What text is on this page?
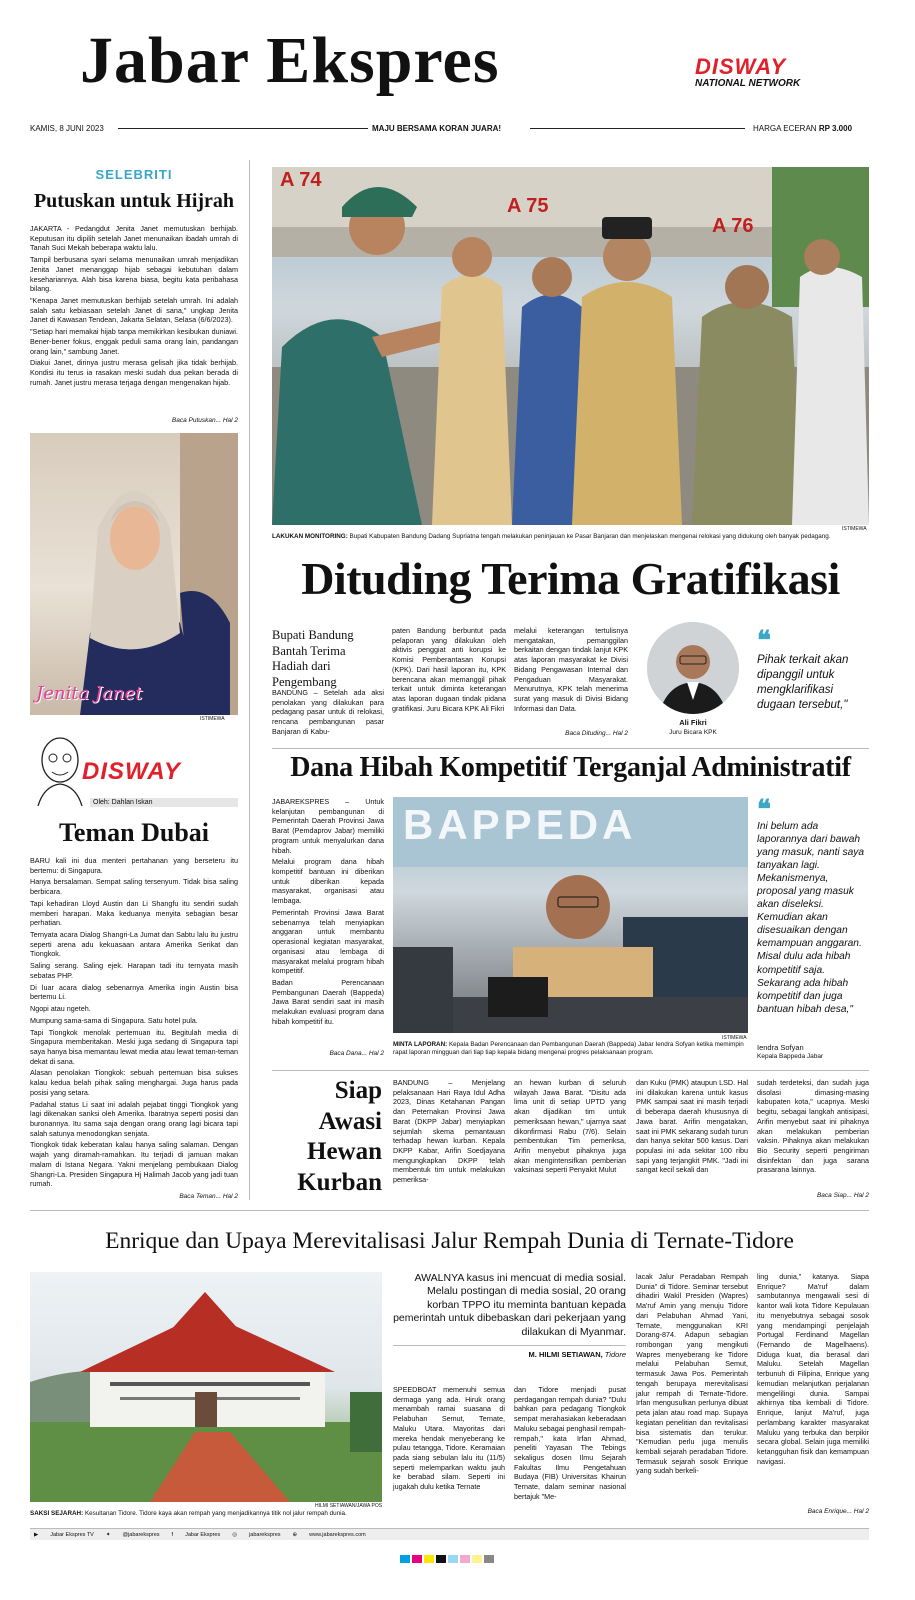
Jabar Ekspres	DISWAY
NATIONAL NETWORK
KAMIS, 8 JUNI 2023	MAJU BERSAMA KORAN JUARA!	HARGA ECERAN RP 3.000
SELEBRITI
Putuskan untuk Hijrah

JAKARTA - Pedangdut Jenita Janet memutuskan berhijab. Keputusan itu dipilih setelah Janet menunaikan ibadah umrah di Tanah Suci Mekah beberapa waktu lalu.

Tampil berbusana syari selama menunaikan umrah menjadikan Jenita Janet menanggap hijab sebagai kebutuhan dalam kesehariannya. Alah bisa karena biasa, begitu kata peribahasa bilang.

"Kenapa Janet memutuskan berhijab setelah umrah. Ini adalah salah satu kebiasaan setelah Janet di sana," ungkap Jenita Janet di Kawasan Tendean, Jakarta Selatan, Selasa (6/6/2023).

"Setiap hari memakai hijab tanpa memikirkan kesibukan duniawi. Bener-bener fokus, enggak peduli sama orang lain, pandangan orang lain," sambung Janet.

Diakui Janet, dirinya justru merasa gelisah jika tidak berhijab. Kondisi itu terus ia rasakan meski sudah dua pekan berada di rumah. Janet justru merasa terjaga dengan mengenakan hijab.

Baca Putuskan... Hal 2
Jenita Janet
ISTIMEWA
DISWAY
Oleh: Dahlan Iskan
Teman Dubai

BARU kali ini dua menteri pertahanan yang berseteru itu bertemu: di Singapura.

Hanya bersalaman. Sempat saling tersenyum. Tidak bisa saling berbicara.

Tapi kehadiran Lloyd Austin dan Li Shangfu itu sendiri sudah memberi harapan. Maka keduanya menyita sebagian besar perhatian.

Ternyata acara Dialog Shangri-La Jumat dan Sabtu lalu itu justru seperti arena adu kekuasaan antara Amerika Serikat dan Tiongkok.

Saling serang. Saling ejek. Harapan tadi itu ternyata masih sebatas PHP.

Di luar acara dialog sebenarnya Amerika ingin Austin bisa bertemu Li.

Ngopi atau ngeteh.

Mumpung sama-sama di Singapura. Satu hotel pula.

Tapi Tiongkok menolak pertemuan itu. Begitulah media di Singapura memberitakan. Meski juga sedang di Singapura tapi saya hanya bisa memantau lewat media atau lewat teman-teman dekat di sana.

Alasan penolakan Tiongkok: sebuah pertemuan bisa sukses kalau kedua belah pihak saling menghargai. Juga harus pada posisi yang setara.

Padahal status Li saat ini adalah pejabat tinggi Tiongkok yang lagi dikenakan sanksi oleh Amerika. Ibaratnya seperti posisi dan buronannya. Itu sama saja dengan orang orang lagi bicara tapi salah satunya menodongkan senjata.

Tiongkok tidak keberatan kalau hanya saling salaman. Dengan wajah yang diramah-ramahkan. Itu terjadi di jamuan makan malam di Istana Negara. Yakni menjelang pembukaan Dialog Shangri-La. Presiden Singapura Hj Halimah Jacob yang jadi tuan rumah.

Baca Teman... Hal 2
A 74
A 75
A 76
ISTIMEWA
LAKUKAN MONITORING: Bupati Kabupaten Bandung Dadang Supriatna tengah melakukan peninjauan ke Pasar Banjaran dan menjelaskan mengenai relokasi yang didukung oleh banyak pedagang.
Dituding Terima Gratifikasi
Bupati Bandung Bantah Terima Hadiah dari Pengembang
BANDUNG – Setelah ada aksi penolakan yang dilakukan para pedagang pasar untuk di relokasi, rencana pembangunan pasar Banjaran di Kabu-
paten Bandung berbuntut pada pelaporan yang dilakukan oleh aktivis penggiat anti korupsi ke Komisi Pemberantasan Korupsi (KPK). Dari hasil laporan itu, KPK berencana akan memanggil pihak terkait untuk diminta keterangan atas laporan dugaan tindak pidana gratifikasi. Juru Bicara KPK Ali Fikri
melalui keterangan tertulisnya mengatakan, pemanggilan berkaitan dengan tindak lanjut KPK atas laporan masyarakat ke Divisi Bidang Pengawasan Internal dan Pengaduan Masyarakat. Menurutnya, KPK telah menerima surat yang masuk di Divisi Bidang Informasi dan Data.
Baca Dituding... Hal 2
Ali Fikri
Juru Bicara KPK
❝
Pihak terkait akan dipanggil untuk mengklarifikasi dugaan tersebut,"
Dana Hibah Kompetitif Terganjal Administratif

JABAREKSPRES – Untuk kelanjutan pembangunan di Pemerintah Daerah Provinsi Jawa Barat (Pemdaprov Jabar) memiliki program untuk menyalurkan dana hibah.

Melalui program dana hibah kompetitif bantuan ini diberikan untuk diberikan kepada masyarakat, organisasi atau lembaga.

Pemerintah Provinsi Jawa Barat sebenarnya telah menyiapkan anggaran untuk membantu operasional kegiatan masyarakat, organisasi atau lembaga di masyarakat melalui program hibah kompetitif.

Badan Perencanaan Pembangunan Daerah (Bappeda) Jawa Barat sendiri saat ini masih melakukan evaluasi program dana hibah kompetitif itu.

Baca Dana... Hal 2
BAPPEDA
ISTIMEWA
MINTA LAPORAN: Kepala Badan Perencanaan dan Pembangunan Daerah (Bappeda) Jabar Iendra Sofyan ketika memimpin rapat laporan mingguan dari tiap tiap kepala bidang mengenai progres pelaksanaan program.
❝
Ini belum ada laporannya dari bawah yang masuk, nanti saya tanyakan lagi. Mekanismenya, proposal yang masuk akan diseleksi. Kemudian akan disesuaikan dengan kemampuan anggaran. Misal dulu ada hibah kompetitif saja. Sekarang ada hibah kompetitif dan juga bantuan hibah desa,"
Iendra Sofyan
Kepala Bappeda Jabar
Siap
Awasi
Hewan
Kurban
BANDUNG – Menjelang pelaksanaan Hari Raya Idul Adha 2023, Dinas Ketahanan Pangan dan Peternakan Provinsi Jawa Barat (DKPP Jabar) menyiapkan sejumlah skema pemantauan terhadap hewan kurban. Kepala DKPP Kabar, Arifin Soedjayana mengungkapkan DKPP telah membentuk tim untuk melakukan pemeriksa-
an hewan kurban di seluruh wilayah Jawa Barat. "Disitu ada lima unit di setiap UPTD yang akan dijadikan tim untuk pemeriksaan hewan," ujarnya saat dikonfirmasi Rabu (7/6). Selain pembentukan Tim pemeriksa, Arifin menyebut pihaknya juga akan mengintensifkan pemberian vaksinasi seperti Penyakit Mulut
dan Kuku (PMK) ataupun LSD. Hal ini dilakukan karena untuk kasus PMK sampai saat ini masih terjadi di beberapa daerah khususnya di Jawa barat. Arifin mengatakan, saat ini PMK sekarang sudah turun dan hanya sekitar 500 kasus. Dari populasi ini ada sekitar 100 ribu sapi yang terjangkit PMK. "Jadi ini sangat kecil sekali dan
sudah terdeteksi, dan sudah juga disolasi dimasing-masing kabupaten kota," ucapnya. Meski begitu, sebagai langkah antisipasi, Arifin menyebut saat ini pihaknya akan melakukan pemberian vaksin. Pihaknya akan melakukan Bio Security seperti pengiriman disinfektan dan juga sarana prasarana lainnya.
Baca Siap... Hal 2
Enrique dan Upaya Merevitalisasi Jalur Rempah Dunia di Ternate-Tidore
HILMI SETIAWAN/JAWA POS
SAKSI SEJARAH: Kesultanan Tidore. Tidore kaya akan rempah yang menjadikannya titik nol jalur rempah dunia.
AWALNYA kasus ini mencuat di media sosial. Melalu postingan di media sosial, 20 orang korban TPPO itu meminta bantuan kepada pemerintah untuk dibebaskan dari pekerjaan yang dilakukan di Myanmar.
M. HILMI SETIAWAN, Tidore
SPEEDBOAT memenuhi semua dermaga yang ada. Hiruk orang menambah ramai suasana di Pelabuhan Semut, Ternate, Maluku Utara. Mayoritas dari mereka hendak menyeberang ke pulau tetangga, Tidore. Keramaian pada siang sebulan lalu itu (11/5) seperti melemparkan waktu jauh ke berabad silam. Seperti ini jugakah dulu ketika Ternate
dan Tidore menjadi pusat perdagangan rempah dunia? "Dulu bahkan para pedagang Tiongkok sempat merahasiakan keberadaan Maluku sebagai penghasil rempah-rempah," kata Irfan Ahmad, peneliti Yayasan The Tebings sekaligus dosen Ilmu Sejarah Fakultas Ilmu Pengetahuan Budaya (FIB) Universitas Khairun Ternate, dalam seminar nasional bertajuk "Me-
lacak Jalur Peradaban Rempah Dunia" di Tidore. Seminar tersebut dihadiri Wakil Presiden (Wapres) Ma'ruf Amin yang menuju Tidore dari Pelabuhan Ahmad Yani, Ternate, menggunakan KRI Dorang-874. Adapun sebagian rombongan yang mengikuti Wapres menyeberang ke Tidore melalui Pelabuhan Semut, termasuk Jawa Pos. Pemerintah tengah berupaya merevitalisasi jalur rempah di Ternate-Tidore. Irfan mengusulkan perlunya dibuat peta jalan atau road map. Supaya kegiatan penelitian dan revitalisasi bisa sistematis dan terukur. "Kemudian perlu juga menulis kembali sejarah peradaban Tidore. Termasuk sejarah sosok Enrique yang sudah berkeli-
ling dunia," katanya. Siapa Enrique? Ma'ruf dalam sambutannya mengawali sesi di kantor wali kota Tidore Kepulauan itu menyebutnya sebagai sosok yang mendampingi penjelajah Portugal Ferdinand Magellan (Fernando de Magelhaens). Diduga kuat, dia berasal dari Maluku. Setelah Magellan terbunuh di Filipina, Enrique yang kemudian melanjutkan perjalanan mengelilingi dunia. Sampai akhirnya tiba kembali di Tidore. Enrique, lanjut Ma'ruf, juga perlambang karakter masyarakat Maluku yang terbuka dan berpikir secara global. Selain juga memiliki ketangguhan fisik dan kemampuan navigasi.
Baca Enrique... Hal 2
▶ Jabar Ekspres TV ✦ @jabarekspres f Jabar Ekspres ◎ jabarekspres ⊕ www.jabarekspres.com
